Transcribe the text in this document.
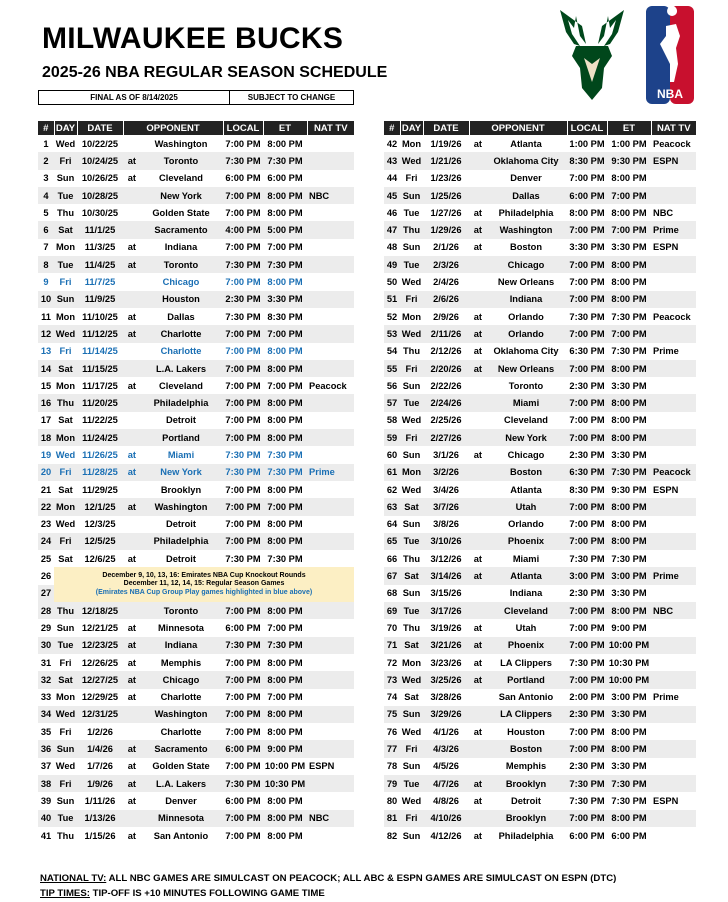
MILWAUKEE BUCKS
2025-26 NBA REGULAR SEASON SCHEDULE
FINAL AS OF 8/14/2025	SUBJECT TO CHANGE	NBA
#	DAY	DATE	OPPONENT		LOCAL	ET	NAT TV
1	Wed	10/22/25		Washington	7:00 PM	8:00 PM	
2	Fri	10/24/25	at	Toronto	7:30 PM	7:30 PM	
3	Sun	10/26/25	at	Cleveland	6:00 PM	6:00 PM	
4	Tue	10/28/25		New York	7:00 PM	8:00 PM	NBC
5	Thu	10/30/25		Golden State	7:00 PM	8:00 PM	
6	Sat	11/1/25		Sacramento	4:00 PM	5:00 PM	
7	Mon	11/3/25	at	Indiana	7:00 PM	7:00 PM	
8	Tue	11/4/25	at	Toronto	7:30 PM	7:30 PM	
9	Fri	11/7/25		Chicago	7:00 PM	8:00 PM	
10	Sun	11/9/25		Houston	2:30 PM	3:30 PM	
11	Mon	11/10/25	at	Dallas	7:30 PM	8:30 PM	
12	Wed	11/12/25	at	Charlotte	7:00 PM	7:00 PM	
13	Fri	11/14/25		Charlotte	7:00 PM	8:00 PM	
14	Sat	11/15/25		L.A. Lakers	7:00 PM	8:00 PM	
15	Mon	11/17/25	at	Cleveland	7:00 PM	7:00 PM	Peacock
16	Thu	11/20/25		Philadelphia	7:00 PM	8:00 PM	
17	Sat	11/22/25		Detroit	7:00 PM	8:00 PM	
18	Mon	11/24/25		Portland	7:00 PM	8:00 PM	
19	Wed	11/26/25	at	Miami	7:30 PM	7:30 PM	
20	Fri	11/28/25	at	New York	7:30 PM	7:30 PM	Prime
21	Sat	11/29/25		Brooklyn	7:00 PM	8:00 PM	
22	Mon	12/1/25	at	Washington	7:00 PM	7:00 PM	
23	Wed	12/3/25		Detroit	7:00 PM	8:00 PM	
24	Fri	12/5/25		Philadelphia	7:00 PM	8:00 PM	
25	Sat	12/6/25	at	Detroit	7:30 PM	7:30 PM	
26	December 9, 10, 13, 16: Emirates NBA Cup Knockout Rounds
December 11, 12, 14, 15: Regular Season Games
(Emirates NBA Cup Group Play games highlighted in blue above)						

27							
28	Thu	12/18/25		Toronto	7:00 PM	8:00 PM	
29	Sun	12/21/25	at	Minnesota	6:00 PM	7:00 PM	
30	Tue	12/23/25	at	Indiana	7:30 PM	7:30 PM	
31	Fri	12/26/25	at	Memphis	7:00 PM	8:00 PM	
32	Sat	12/27/25	at	Chicago	7:00 PM	8:00 PM	
33	Mon	12/29/25	at	Charlotte	7:00 PM	7:00 PM	
34	Wed	12/31/25		Washington	7:00 PM	8:00 PM	
35	Fri	1/2/26		Charlotte	7:00 PM	8:00 PM	
36	Sun	1/4/26	at	Sacramento	6:00 PM	9:00 PM	
37	Wed	1/7/26	at	Golden State	7:00 PM	10:00 PM	ESPN
38	Fri	1/9/26	at	L.A. Lakers	7:30 PM	10:30 PM	
39	Sun	1/11/26	at	Denver	6:00 PM	8:00 PM	
40	Tue	1/13/26		Minnesota	7:00 PM	8:00 PM	NBC
41	Thu	1/15/26	at	San Antonio	7:00 PM	8:00 PM	
#	DAY	DATE	OPPONENT		LOCAL	ET	NAT TV
42	Mon	1/19/26	at	Atlanta	1:00 PM	1:00 PM	Peacock
43	Wed	1/21/26		Oklahoma City	8:30 PM	9:30 PM	ESPN
44	Fri	1/23/26		Denver	7:00 PM	8:00 PM	
45	Sun	1/25/26		Dallas	6:00 PM	7:00 PM	
46	Tue	1/27/26	at	Philadelphia	8:00 PM	8:00 PM	NBC
47	Thu	1/29/26	at	Washington	7:00 PM	7:00 PM	Prime
48	Sun	2/1/26	at	Boston	3:30 PM	3:30 PM	ESPN
49	Tue	2/3/26		Chicago	7:00 PM	8:00 PM	
50	Wed	2/4/26		New Orleans	7:00 PM	8:00 PM	
51	Fri	2/6/26		Indiana	7:00 PM	8:00 PM	
52	Mon	2/9/26	at	Orlando	7:30 PM	7:30 PM	Peacock
53	Wed	2/11/26	at	Orlando	7:00 PM	7:00 PM	
54	Thu	2/12/26	at	Oklahoma City	6:30 PM	7:30 PM	Prime
55	Fri	2/20/26	at	New Orleans	7:00 PM	8:00 PM	
56	Sun	2/22/26		Toronto	2:30 PM	3:30 PM	
57	Tue	2/24/26		Miami	7:00 PM	8:00 PM	
58	Wed	2/25/26		Cleveland	7:00 PM	8:00 PM	
59	Fri	2/27/26		New York	7:00 PM	8:00 PM	
60	Sun	3/1/26	at	Chicago	2:30 PM	3:30 PM	
61	Mon	3/2/26		Boston	6:30 PM	7:30 PM	Peacock
62	Wed	3/4/26		Atlanta	8:30 PM	9:30 PM	ESPN
63	Sat	3/7/26		Utah	7:00 PM	8:00 PM	
64	Sun	3/8/26		Orlando	7:00 PM	8:00 PM	
65	Tue	3/10/26		Phoenix	7:00 PM	8:00 PM	
66	Thu	3/12/26	at	Miami	7:30 PM	7:30 PM	
67	Sat	3/14/26	at	Atlanta	3:00 PM	3:00 PM	Prime
68	Sun	3/15/26		Indiana	2:30 PM	3:30 PM	
69	Tue	3/17/26		Cleveland	7:00 PM	8:00 PM	NBC
70	Thu	3/19/26	at	Utah	7:00 PM	9:00 PM	
71	Sat	3/21/26	at	Phoenix	7:00 PM	10:00 PM	
72	Mon	3/23/26	at	LA Clippers	7:30 PM	10:30 PM	
73	Wed	3/25/26	at	Portland	7:00 PM	10:00 PM	
74	Sat	3/28/26		San Antonio	2:00 PM	3:00 PM	Prime
75	Sun	3/29/26		LA Clippers	2:30 PM	3:30 PM	
76	Wed	4/1/26	at	Houston	7:00 PM	8:00 PM	
77	Fri	4/3/26		Boston	7:00 PM	8:00 PM	
78	Sun	4/5/26		Memphis	2:30 PM	3:30 PM	
79	Tue	4/7/26	at	Brooklyn	7:30 PM	7:30 PM	
80	Wed	4/8/26	at	Detroit	7:30 PM	7:30 PM	ESPN
81	Fri	4/10/26		Brooklyn	7:00 PM	8:00 PM	
82	Sun	4/12/26	at	Philadelphia	6:00 PM	6:00 PM	
NATIONAL TV: ALL NBC GAMES ARE SIMULCAST ON PEACOCK; ALL ABC & ESPN GAMES ARE SIMULCAST ON ESPN (DTC)
TIP TIMES: TIP-OFF IS +10 MINUTES FOLLOWING GAME TIME
